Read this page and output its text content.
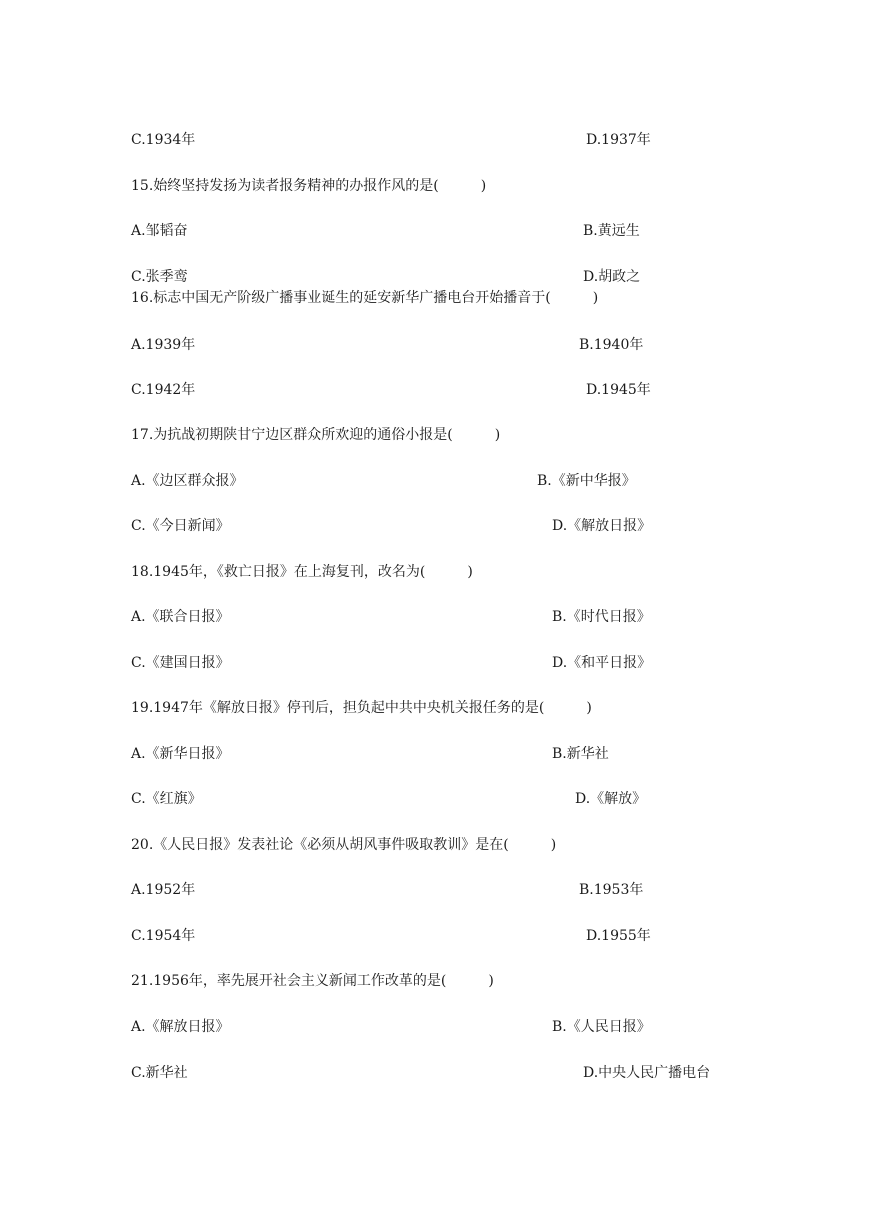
C.1934年	D.1937年
15.始终坚持发扬为读者报务精神的办报作风的是(　　　)
A.邹韬奋	B.黄远生
C.张季鸾	D.胡政之
16.标志中国无产阶级广播事业诞生的延安新华广播电台开始播音于(　　　)
A.1939年	B.1940年
C.1942年	D.1945年
17.为抗战初期陕甘宁边区群众所欢迎的通俗小报是(　　　)
A.《边区群众报》	B.《新中华报》
C.《今日新闻》	D.《解放日报》
18.1945年，《救亡日报》在上海复刊，改名为(　　　)
A.《联合日报》	B.《时代日报》
C.《建国日报》	D.《和平日报》
19.1947年《解放日报》停刊后，担负起中共中央机关报任务的是(　　　)
A.《新华日报》	B.新华社
C.《红旗》	D.《解放》
20.《人民日报》发表社论《必须从胡风事件吸取教训》是在(　　　)
A.1952年	B.1953年
C.1954年	D.1955年
21.1956年，率先展开社会主义新闻工作改革的是(　　　)
A.《解放日报》	B.《人民日报》
C.新华社	D.中央人民广播电台
